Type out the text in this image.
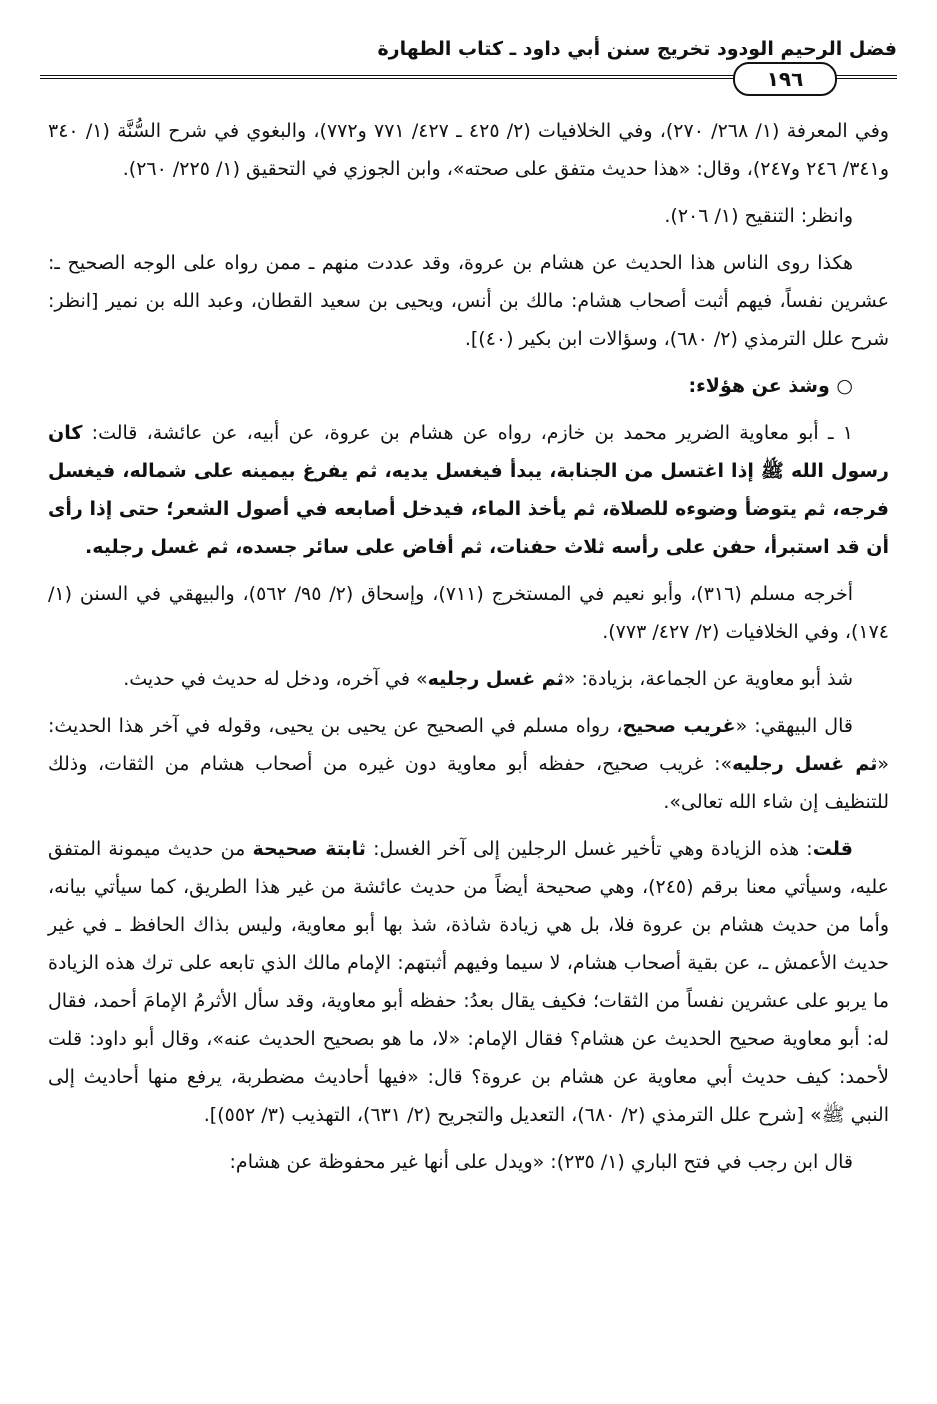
فضل الرحيم الودود تخريج سنن أبي داود ـ كتاب الطهارة
١٩٦

وفي المعرفة (١/ ٢٦٨/ ٢٧٠)، وفي الخلافيات (٢/ ٤٢٥ ـ ٤٢٧/ ٧٧١ و٧٧٢)، والبغوي في شرح السُّنَّة (١/ ٣٤٠ و٣٤١/ ٢٤٦ و٢٤٧)، وقال: «هذا حديث متفق على صحته»، وابن الجوزي في التحقيق (١/ ٢٢٥/ ٢٦٠).

وانظر: التنقيح (١/ ٢٠٦).

هكذا روى الناس هذا الحديث عن هشام بن عروة، وقد عددت منهم ـ ممن رواه على الوجه الصحيح ـ: عشرين نفساً، فيهم أثبت أصحاب هشام: مالك بن أنس، ويحيى بن سعيد القطان، وعبد الله بن نمير [انظر: شرح علل الترمذي (٢/ ٦٨٠)، وسؤالات ابن بكير (٤٠)].

○ وشذ عن هؤلاء:

١ ـ أبو معاوية الضرير محمد بن خازم، رواه عن هشام بن عروة، عن أبيه، عن عائشة، قالت: كان رسول الله ﷺ إذا اغتسل من الجنابة، يبدأ فيغسل يديه، ثم يفرغ بيمينه على شماله، فيغسل فرجه، ثم يتوضأ وضوءه للصلاة، ثم يأخذ الماء، فيدخل أصابعه في أصول الشعر؛ حتى إذا رأى أن قد استبرأ، حفن على رأسه ثلاث حفنات، ثم أفاض على سائر جسده، ثم غسل رجليه.

أخرجه مسلم (٣١٦)، وأبو نعيم في المستخرج (٧١١)، وإسحاق (٢/ ٩٥/ ٥٦٢)، والبيهقي في السنن (١/ ١٧٤)، وفي الخلافيات (٢/ ٤٢٧/ ٧٧٣).

شذ أبو معاوية عن الجماعة، بزيادة: «ثم غسل رجليه» في آخره، ودخل له حديث في حديث.

قال البيهقي: «غريب صحيح، رواه مسلم في الصحيح عن يحيى بن يحيى، وقوله في آخر هذا الحديث: «ثم غسل رجليه»: غريب صحيح، حفظه أبو معاوية دون غيره من أصحاب هشام من الثقات، وذلك للتنظيف إن شاء الله تعالى».

قلت: هذه الزيادة وهي تأخير غسل الرجلين إلى آخر الغسل: ثابتة صحيحة من حديث ميمونة المتفق عليه، وسيأتي معنا برقم (٢٤٥)، وهي صحيحة أيضاً من حديث عائشة من غير هذا الطريق، كما سيأتي بيانه، وأما من حديث هشام بن عروة فلا، بل هي زيادة شاذة، شذ بها أبو معاوية، وليس بذاك الحافظ ـ في غير حديث الأعمش ـ، عن بقية أصحاب هشام، لا سيما وفيهم أثبتهم: الإمام مالك الذي تابعه على ترك هذه الزيادة ما يربو على عشرين نفساً من الثقات؛ فكيف يقال بعدُ: حفظه أبو معاوية، وقد سأل الأثرمُ الإمامَ أحمد، فقال له: أبو معاوية صحيح الحديث عن هشام؟ فقال الإمام: «لا، ما هو بصحيح الحديث عنه»، وقال أبو داود: قلت لأحمد: كيف حديث أبي معاوية عن هشام بن عروة؟ قال: «فيها أحاديث مضطربة، يرفع منها أحاديث إلى النبي ﷺ» [شرح علل الترمذي (٢/ ٦٨٠)، التعديل والتجريح (٢/ ٦٣١)، التهذيب (٣/ ٥٥٢)].

قال ابن رجب في فتح الباري (١/ ٢٣٥): «ويدل على أنها غير محفوظة عن هشام:
